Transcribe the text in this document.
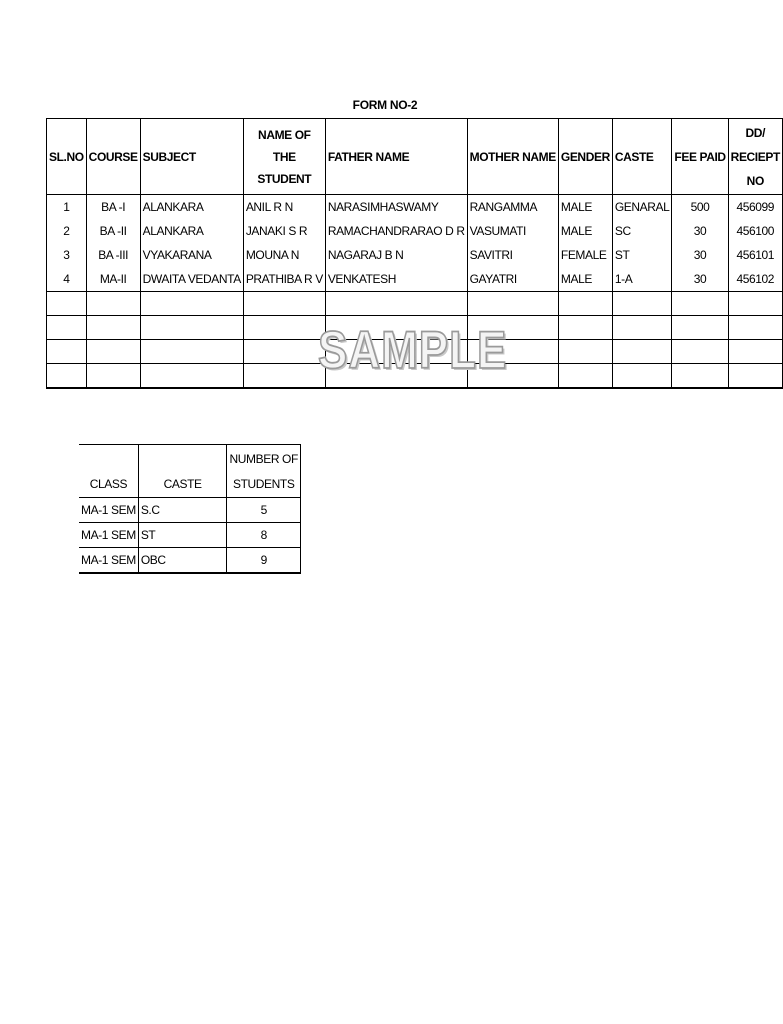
FORM NO-2
SL.NO	COURSE	SUBJECT	NAME OF THE STUDENT	FATHER NAME	MOTHER NAME	GENDER	CASTE	FEE PAID	DD/ RECIEPT NO
1	BA -I	ALANKARA	ANIL R N	NARASIMHASWAMY	RANGAMMA	MALE	GENARAL	500	456099
2	BA -II	ALANKARA	JANAKI S R	RAMACHANDRARAO D R	VASUMATI	MALE	SC	30	456100
3	BA -III	VYAKARANA	MOUNA N	NAGARAJ B N	SAVITRI	FEMALE	ST	30	456101
4	MA-II	DWAITA VEDANTA	PRATHIBA R V	VENKATESH	GAYATRI	MALE	1-A	30	456102

SAMPLE
CLASS	CASTE	NUMBER OF STUDENTS
MA-1 SEM	S.C	5
MA-1 SEM	ST	8
MA-1 SEM	OBC	9
